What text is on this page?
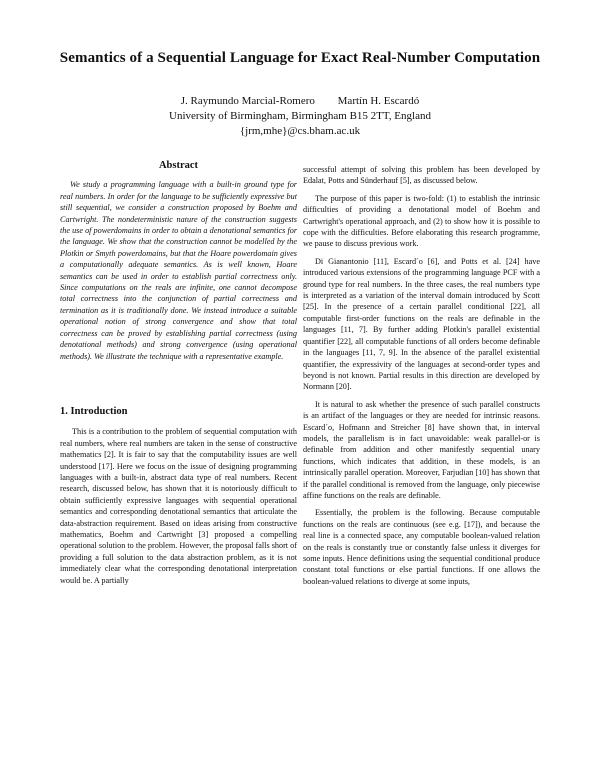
Semantics of a Sequential Language for Exact Real-Number Computation
J. Raymundo Marcial-Romero Martín H. Escardó
University of Birmingham, Birmingham B15 2TT, England
{jrm,mhe}@cs.bham.ac.uk
Abstract

We study a programming language with a built-in ground type for real numbers. In order for the language to be sufficiently expressive but still sequential, we consider a construction proposed by Boehm and Cartwright. The nondeterministic nature of the construction suggests the use of powerdomains in order to obtain a denotational semantics for the language. We show that the construction cannot be modelled by the Plotkin or Smyth powerdomains, but that the Hoare powerdomain gives a computationally adequate semantics. As is well known, Hoare semantics can be used in order to establish partial correctness only. Since computations on the reals are infinite, one cannot decompose total correctness into the conjunction of partial correctness and termination as it is traditionally done. We instead introduce a suitable operational notion of strong convergence and show that total correctness can be proved by establishing partial correctness (using denotational methods) and strong convergence (using operational methods). We illustrate the technique with a representative example.

1. Introduction

This is a contribution to the problem of sequential computation with real numbers, where real numbers are taken in the sense of constructive mathematics [2]. It is fair to say that the computability issues are well understood [17]. Here we focus on the issue of designing programming languages with a built-in, abstract data type of real numbers. Recent research, discussed below, has shown that it is notoriously difficult to obtain sufficiently expressive languages with sequential operational semantics and corresponding denotational semantics that articulate the data-abstraction requirement. Based on ideas arising from constructive mathematics, Boehm and Cartwright [3] proposed a compelling operational solution to the problem. However, the proposal falls short of providing a full solution to the data abstraction problem, as it is not immediately clear what the corresponding denotational interpretation would be. A partially

successful attempt of solving this problem has been developed by Edalat, Potts and Sünderhauf [5], as discussed below.

The purpose of this paper is two-fold: (1) to establish the intrinsic difficulties of providing a denotational model of Boehm and Cartwright's operational approach, and (2) to show how it is possible to cope with the difficulties. Before elaborating this research programme, we pause to discuss previous work.

Di Gianantonio [11], Escard´o [6], and Potts et al. [24] have introduced various extensions of the programming language PCF with a ground type for real numbers. In the three cases, the real numbers type is interpreted as a variation of the interval domain introduced by Scott [25]. In the presence of a certain parallel conditional [22], all computable first-order functions on the reals are definable in the languages [11, 7]. By further adding Plotkin's parallel existential quantifier [22], all computable functions of all orders become definable in the languages [11, 7, 9]. In the absence of the parallel existential quantifier, the expressivity of the languages at second-order types and beyond is not known. Partial results in this direction are developed by Normann [20].

It is natural to ask whether the presence of such parallel constructs is an artifact of the languages or they are needed for intrinsic reasons. Escard´o, Hofmann and Streicher [8] have shown that, in interval models, the parallelism is in fact unavoidable: weak parallel-or is definable from addition and other manifestly sequential unary functions, which indicates that addition, in these models, is an intrinsically parallel operation. Moreover, Farjudian [10] has shown that if the parallel conditional is removed from the language, only piecewise affine functions on the reals are definable.

Essentially, the problem is the following. Because computable functions on the reals are continuous (see e.g. [17]), and because the real line is a connected space, any computable boolean-valued relation on the reals is constantly true or constantly false unless it diverges for some inputs. Hence definitions using the sequential conditional produce constant total functions or else partial functions. If one allows the boolean-valued relations to diverge at some inputs,
